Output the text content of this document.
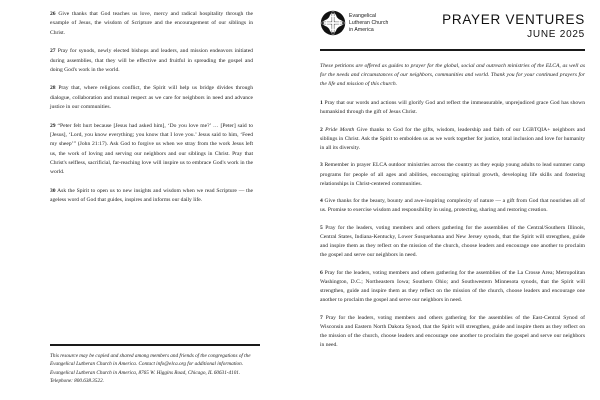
26 Give thanks that God teaches us love, mercy and radical hospitality through the example of Jesus, the wisdom of Scripture and the encouragement of our siblings in Christ.
27 Pray for synods, newly elected bishops and leaders, and mission endeavors initiated during assemblies, that they will be effective and fruitful in spreading the gospel and doing God's work in the world.
28 Pray that, where religions conflict, the Spirit will help us bridge divides through dialogue, collaboration and mutual respect as we care for neighbors in need and advance justice in our communities.
29 “Peter felt hurt because [Jesus had asked him], ‘Do you love me?’ … [Peter] said to [Jesus], ‘Lord, you know everything; you know that I love you.’ Jesus said to him, ‘Feed my sheep’” (John 21:17). Ask God to forgive us when we stray from the work Jesus left us, the work of loving and serving our neighbors and our siblings in Christ. Pray that Christ's selfless, sacrificial, far-reaching love will inspire us to embrace God's work in the world.
30 Ask the Spirit to open us to new insights and wisdom when we read Scripture — the ageless word of God that guides, inspires and informs our daily life.
This resource may be copied and shared among members and friends of the congregations of the Evangelical Lutheran Church in America. Contact info@elca.org for additional information. Evangelical Lutheran Church in America, 8765 W. Higgins Road, Chicago, IL 60631-4101. Telephone: 800.638.3522.
Evangelical
Lutheran Church
in America
PRAYER VENTURES
JUNE 2025
These petitions are offered as guides to prayer for the global, social and outreach ministries of the ELCA, as well as for the needs and circumstances of our neighbors, communities and world. Thank you for your continued prayers for the life and mission of this church.
1 Pray that our words and actions will glorify God and reflect the immeasurable, unprejudiced grace God has shown humankind through the gift of Jesus Christ.
2 Pride Month Give thanks to God for the gifts, wisdom, leadership and faith of our LGBTQIA+ neighbors and siblings in Christ. Ask the Spirit to embolden us as we work together for justice, total inclusion and love for humanity in all its diversity.
3 Remember in prayer ELCA outdoor ministries across the country as they equip young adults to lead summer camp programs for people of all ages and abilities, encouraging spiritual growth, developing life skills and fostering relationships in Christ-centered communities.
4 Give thanks for the beauty, bounty and awe-inspiring complexity of nature — a gift from God that nourishes all of us. Promise to exercise wisdom and responsibility in using, protecting, sharing and restoring creation.
5 Pray for the leaders, voting members and others gathering for the assemblies of the Central/Southern Illinois, Central States, Indiana-Kentucky, Lower Susquehanna and New Jersey synods, that the Spirit will strengthen, guide and inspire them as they reflect on the mission of the church, choose leaders and encourage one another to proclaim the gospel and serve our neighbors in need.
6 Pray for the leaders, voting members and others gathering for the assemblies of the La Crosse Area; Metropolitan Washington, D.C.; Northeastern Iowa; Southern Ohio; and Southwestern Minnesota synods, that the Spirit will strengthen, guide and inspire them as they reflect on the mission of the church, choose leaders and encourage one another to proclaim the gospel and serve our neighbors in need.
7 Pray for the leaders, voting members and others gathering for the assemblies of the East-Central Synod of Wisconsin and Eastern North Dakota Synod, that the Spirit will strengthen, guide and inspire them as they reflect on the mission of the church, choose leaders and encourage one another to proclaim the gospel and serve our neighbors in need.
